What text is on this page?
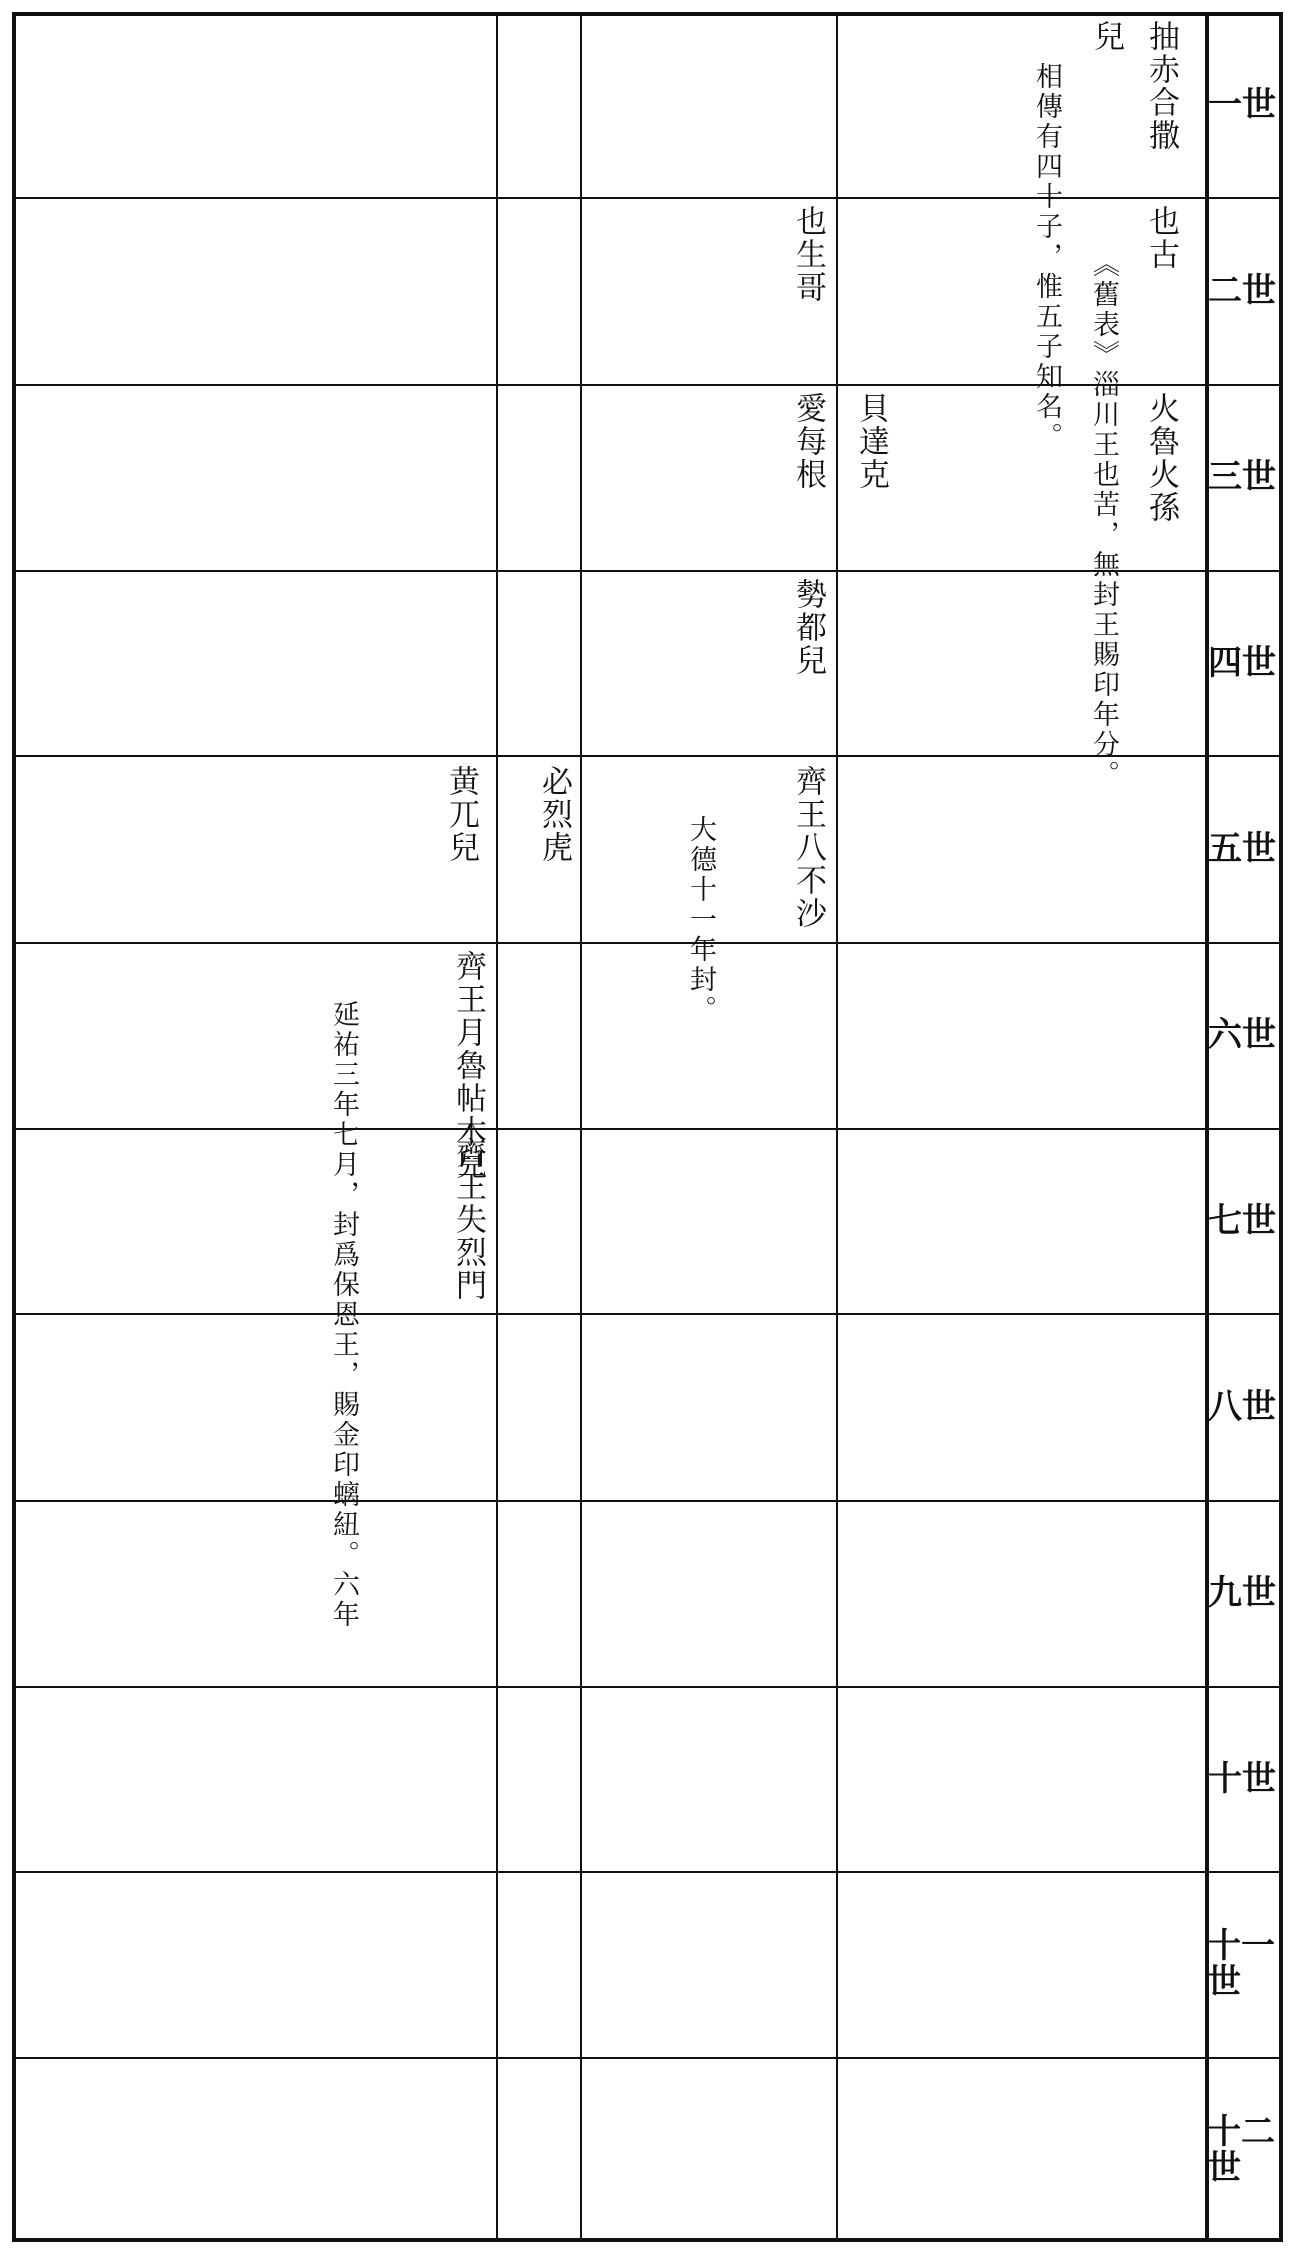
一世
二世
三世
四世
五世
六世
七世
八世
九世
十世
十一世
十二世
抽赤合撒
兒
相傳有四十子，惟五子知名。	也古
《舊表》淄川王也苦，無封王賜印年分。
也生哥
火魯火孫
貝達克
愛每根
勢都兒
齊王八不沙
大德十一年封。
必烈虎
黄兀兒
齊王月魯帖木兒
延祐三年七月，封爲保恩王，賜金印螭紐。六年	齊王失烈門
